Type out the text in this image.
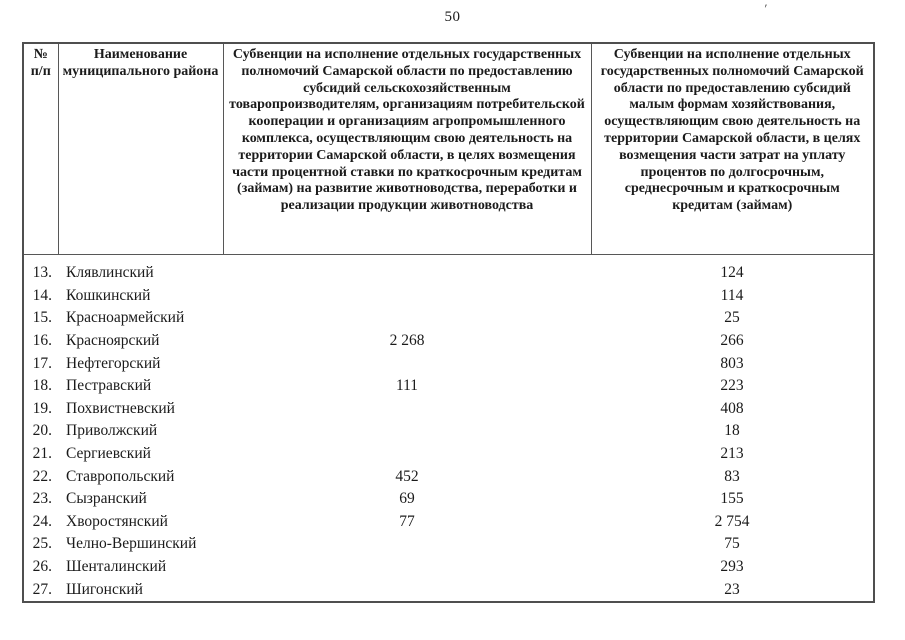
50
′
№ п/п	Наименование муниципального района	Субвенции на исполнение отдельных государственных полномочий Самарской области по предоставлению субсидий сельскохозяйственным товаропроизводителям, организациям потребительской кооперации и организациям агропромышленного комплекса, осуществляющим свою деятельность на территории Самарской области, в целях возмещения части процентной ставки по краткосрочным кредитам (займам) на развитие животноводства, переработки и реализации продукции животноводства	Субвенции на исполнение отдельных государственных полномочий Самарской области по предоставлению субсидий малым формам хозяйствования, осуществляющим свою деятельность на территории Самарской области, в целях возмещения части затрат на уплату процентов по долгосрочным, среднесрочным и краткосрочным кредитам (займам)
13.	Клявлинский		124
14.	Кошкинский		114
15.	Красноармейский		25
16.	Красноярский	2 268	266
17.	Нефтегорский		803
18.	Пестравский	111	223
19.	Похвистневский		408
20.	Приволжский		18
21.	Сергиевский		213
22.	Ставропольский	452	83
23.	Сызранский	69	155
24.	Хворостянский	77	2 754
25.	Челно-Вершинский		75
26.	Шенталинский		293
27.	Шигонский		23
